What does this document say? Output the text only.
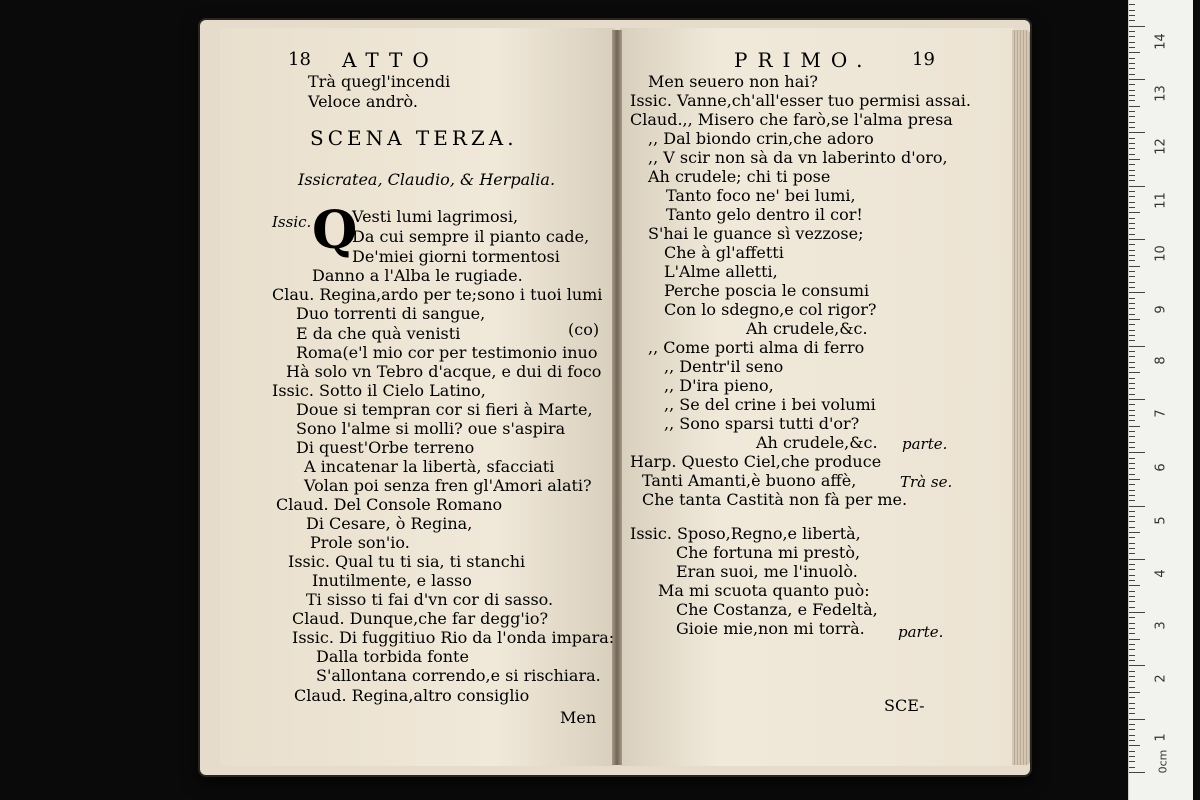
18 ATTO
Trà quegl'incendi
Veloce andrò.
SCENA TERZA.
Issicratea, Claudio, & Herpalia.
Issic. Q
Vesti lumi lagrimosi,
Da cui sempre il pianto cade,
De'miei giorni tormentosi
Danno a l'Alba le rugiade.
Clau. Regina,ardo per te;sono i tuoi lumi
Duo torrenti di sangue,
E da che quà venisti	(co)
Roma(e'l mio cor per testimonio inuo
Hà solo vn Tebro d'acque, e dui di foco
Issic. Sotto il Cielo Latino,
Doue si tempran cor si fieri à Marte,
Sono l'alme si molli? oue s'aspira
Di quest'Orbe terreno
A incatenar la libertà, sfacciati
Volan poi senza fren gl'Amori alati?
Claud. Del Console Romano
Di Cesare, ò Regina,
Prole son'io.
Issic. Qual tu ti sia, ti stanchi
Inutilmente, e lasso
Ti sisso ti fai d'vn cor di sasso.
Claud. Dunque,che far degg'io?
Issic. Di fuggitiuo Rio da l'onda impara:
Dalla torbida fonte
S'allontana correndo,e si rischiara.
Claud. Regina,altro consiglio
Men
PRIMO. 19
Men seuero non hai?
Issic. Vanne,ch'all'esser tuo permisi assai.
Claud.,, Misero che farò,se l'alma presa
,, Dal biondo crin,che adoro
,, V scir non sà da vn laberinto d'oro,
Ah crudele; chi ti pose
Tanto foco ne' bei lumi,
Tanto gelo dentro il cor!
S'hai le guance sì vezzose;
Che à gl'affetti
L'Alme alletti,
Perche poscia le consumi
Con lo sdegno,e col rigor?
Ah crudele,&c.
,, Come porti alma di ferro
,, Dentr'il seno
,, D'ira pieno,
,, Se del crine i bei volumi
,, Sono sparsi tutti d'or?
Ah crudele,&c. parte.
Harp. Questo Ciel,che produce
Tanti Amanti,è buono affè,	Trà se.
Che tanta Castità non fà per me.
Issic. Sposo,Regno,e libertà,
Che fortuna mi prestò,
Eran suoi, me l'inuolò.
Ma mi scuota quanto può:
Che Costanza, e Fedeltà,
Gioie mie,non mi torrà. parte.
SCE-
0cm
1
2
3
4
5
6
7
8
9
10
11
12
13
14
